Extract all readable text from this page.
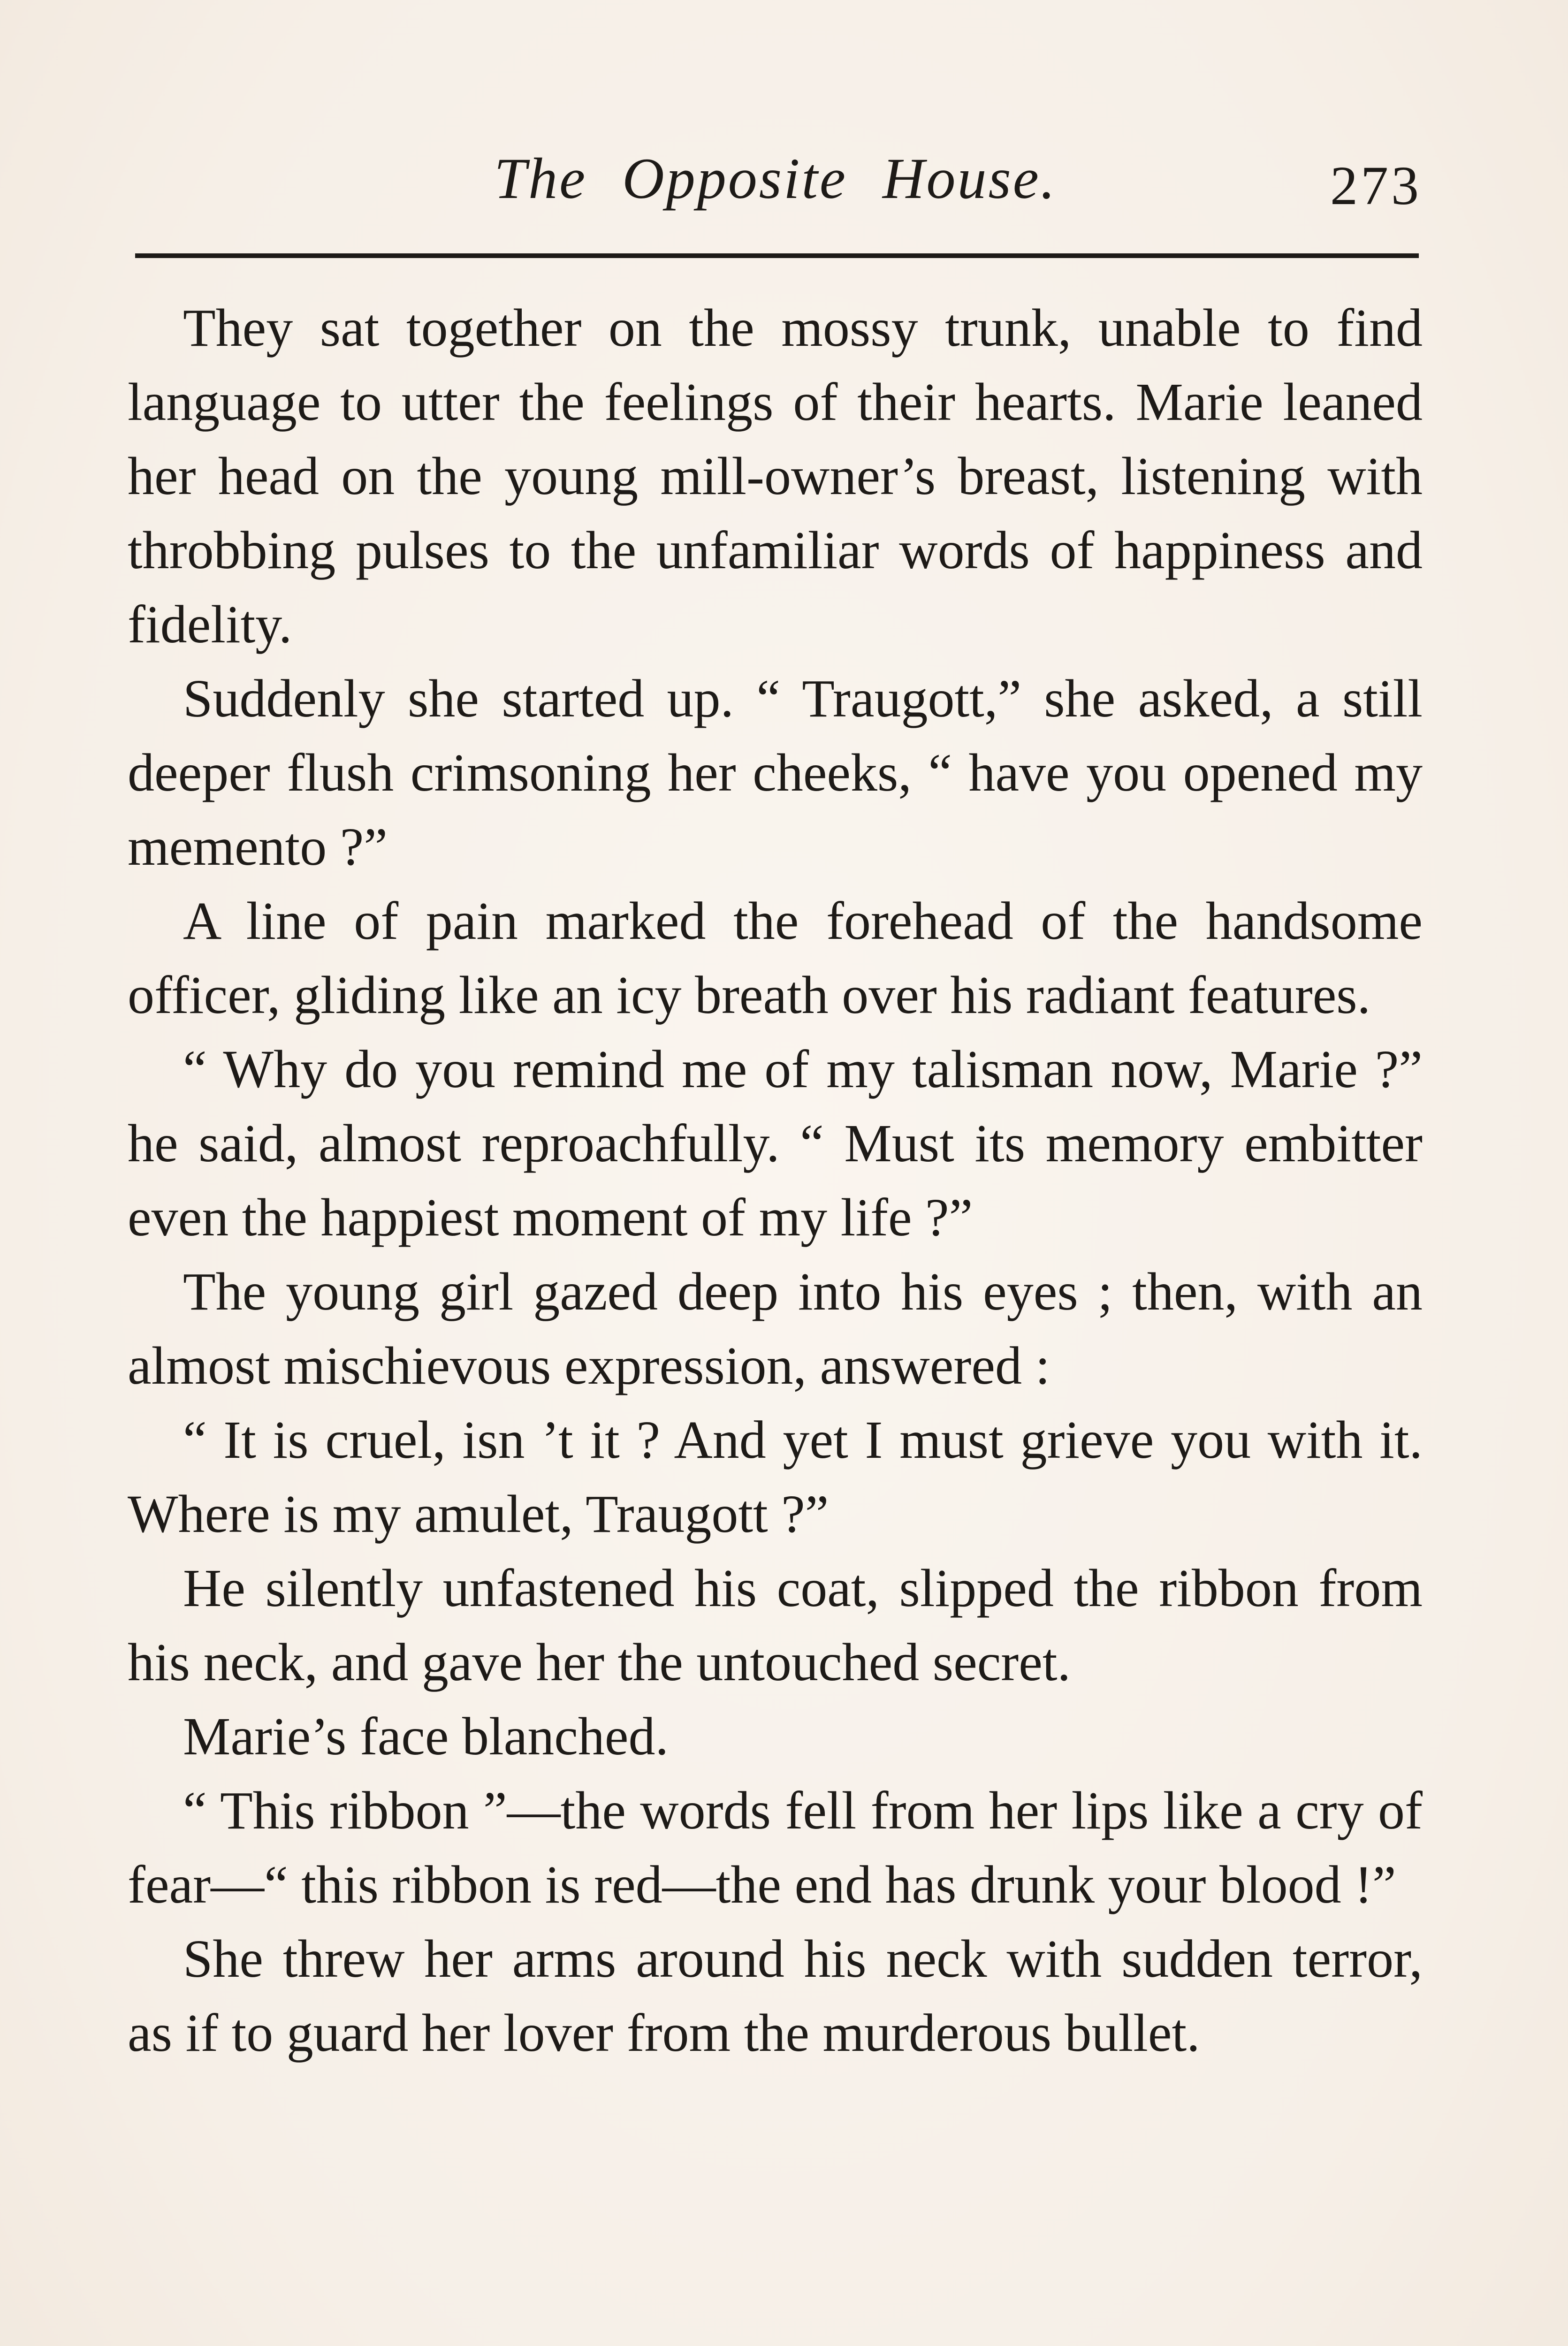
The Opposite House.	273

They sat together on the mossy trunk, unable to find language to utter the feelings of their hearts. Marie leaned her head on the young mill-owner’s breast, listening with throbbing pulses to the unfamiliar words of happiness and fidelity.

Suddenly she started up. “ Traugott,” she asked, a still deeper flush crimsoning her cheeks, “ have you opened my memento ?”

A line of pain marked the forehead of the handsome officer, gliding like an icy breath over his radiant features.

“ Why do you remind me of my talisman now, Marie ?” he said, almost reproachfully. “ Must its memory embitter even the happiest moment of my life ?”

The young girl gazed deep into his eyes ; then, with an almost mischievous expression, answered :

“ It is cruel, isn ’t it ? And yet I must grieve you with it. Where is my amulet, Traugott ?”

He silently unfastened his coat, slipped the ribbon from his neck, and gave her the untouched secret.

Marie’s face blanched.

“ This ribbon ”—the words fell from her lips like a cry of fear—“ this ribbon is red—the end has drunk your blood !”

She threw her arms around his neck with sudden terror, as if to guard her lover from the murderous bullet.
